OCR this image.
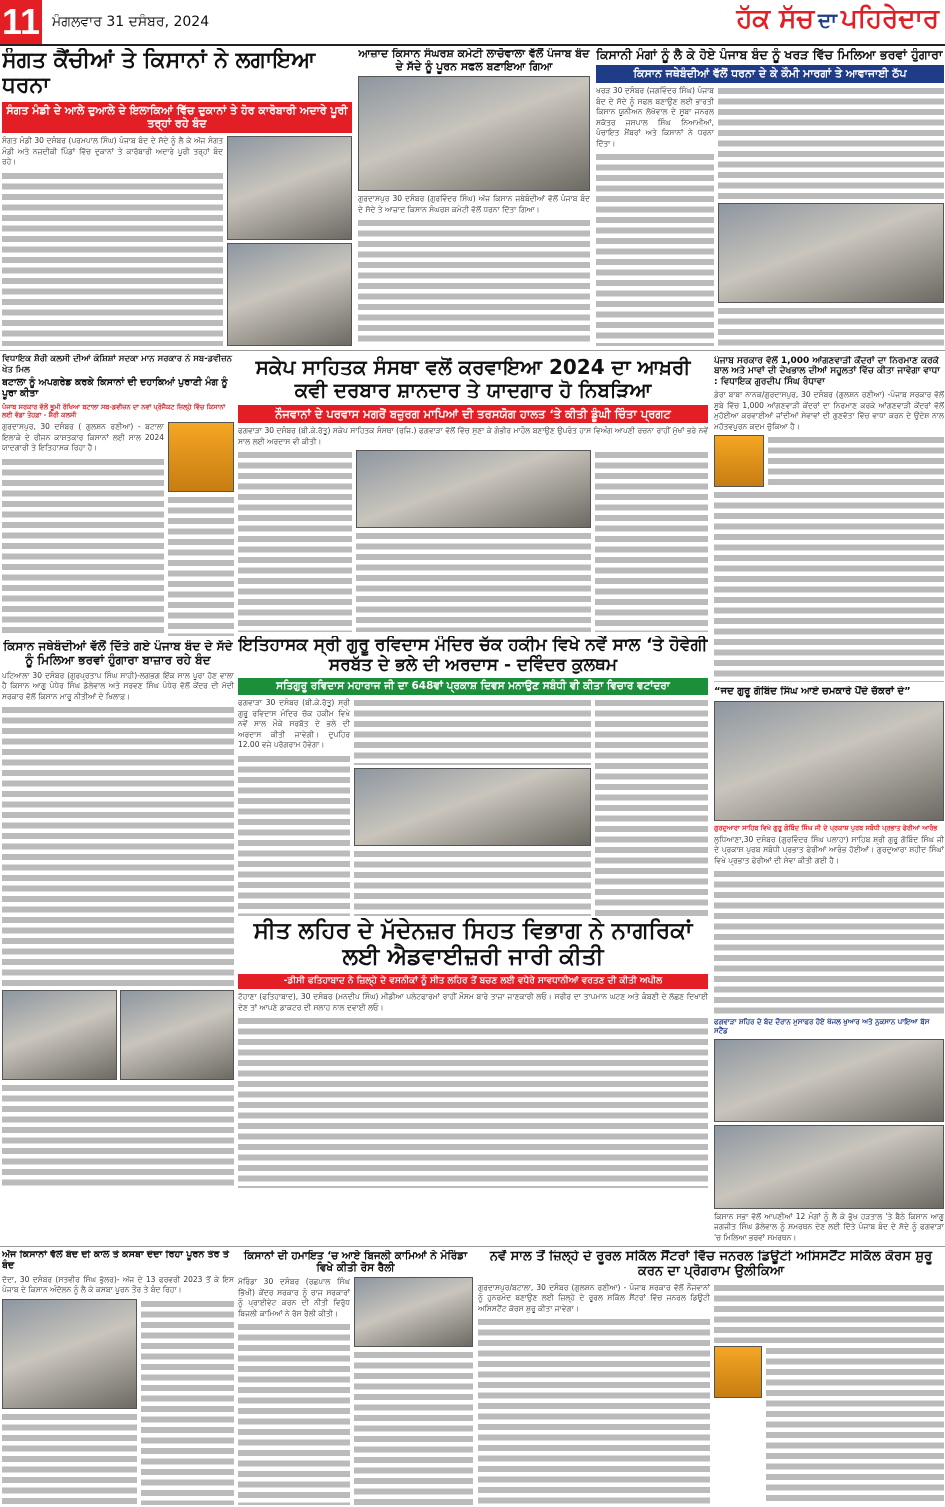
11 ਮੰਗਲਵਾਰ 31 ਦਸੰਬਰ, 2024	ਹੱਕ ਸੱਚ ਦਾ ਪਹਿਰੇਦਾਰ
ਸੰਗਤ ਕੈਂਚੀਆਂ ਤੇ ਕਿਸਾਨਾਂ ਨੇ ਲਗਾਇਆ ਧਰਨਾ
ਸੰਗਤ ਮੰਡੀ ਦੇ ਆਲੇ ਦੁਆਲੇ ਦੇ ਇਲਾਕਿਆਂ ਵਿੱਚ ਦੁਕਾਨਾਂ ਤੇ ਹੋਰ ਕਾਰੋਬਾਰੀ ਅਦਾਰੇ ਪੂਰੀ ਤਰ੍ਹਾਂ ਰਹੇ ਬੰਦ
ਸੰਗਤ ਮੰਡੀ 30 ਦਸੰਬਰ (ਪਰਮਪਾਲ ਸਿੰਘ) ਪੰਜਾਬ ਬੰਦ ਦੇ ਸੱਦੇ ਨੂੰ ਲੈ ਕੇ ਅੱਜ ਸੰਗਤ ਮੰਡੀ ਅਤੇ ਨਜ਼ਦੀਕੀ ਪਿੰਡਾਂ ਵਿੱਚ ਦੁਕਾਨਾਂ ਤੇ ਕਾਰੋਬਾਰੀ ਅਦਾਰੇ ਪੂਰੀ ਤਰ੍ਹਾਂ ਬੰਦ ਰਹੇ।
ਆਜ਼ਾਦ ਕਿਸਾਨ ਸੰਘਰਸ਼ ਕਮੇਟੀ ਲਾਚੋਵਾਲਾ ਵੱਲੋਂ ਪੰਜਾਬ ਬੰਦ ਦੇ ਸੱਦੇ ਨੂੰ ਪੂਰਨ ਸਫਲ ਬਣਾਇਆ ਗਿਆ
ਗੁਰਦਾਸਪੁਰ 30 ਦਸੰਬਰ (ਗੁਰਵਿੰਦਰ ਸਿੰਘ) ਅੱਜ ਕਿਸਾਨ ਜਥੇਬੰਦੀਆਂ ਵੱਲੋਂ ਪੰਜਾਬ ਬੰਦ ਦੇ ਸੱਦੇ ਤੇ ਆਜ਼ਾਦ ਕਿਸਾਨ ਸੰਘਰਸ਼ ਕਮੇਟੀ ਵੱਲੋਂ ਧਰਨਾ ਦਿੱਤਾ ਗਿਆ।
ਕਿਸਾਨੀ ਮੰਗਾਂ ਨੂੰ ਲੈ ਕੇ ਹੋਏ ਪੰਜਾਬ ਬੰਦ ਨੂੰ ਖਰੜ ਵਿੱਚ ਮਿਲਿਆ ਭਰਵਾਂ ਹੁੰਗਾਰਾ
ਕਿਸਾਨ ਜਥੇਬੰਦੀਆਂ ਵੱਲੋਂ ਧਰਨਾ ਦੇ ਕੇ ਕੌਮੀ ਮਾਰਗਾਂ ਤੇ ਆਵਾਜਾਈ ਠੱਪ
ਖਰੜ 30 ਦਸੰਬਰ (ਜਗਵਿੰਦਰ ਸਿੰਘ) ਪੰਜਾਬ ਬੰਦ ਦੇ ਸੱਦੇ ਨੂੰ ਸਫਲ ਬਣਾਉਣ ਲਈ ਭਾਰਤੀ ਕਿਸਾਨ ਯੂਨੀਅਨ ਲੱਖੋਵਾਲ ਦੇ ਸੂਬਾ ਜਨਰਲ ਸਕੱਤਰ ਜਸਪਾਲ ਸਿੰਘ ਨਿਆਮੀਆਂ, ਪੰਚਾਇਤ ਮੈਂਬਰਾਂ ਅਤੇ ਕਿਸਾਨਾਂ ਨੇ ਧਰਨਾ ਦਿੱਤਾ।
ਵਿਧਾਇਕ ਸ਼ੈਰੀ ਕਲਸੀ ਦੀਆਂ ਕੋਸ਼ਿਸ਼ਾਂ ਸਦਕਾ ਮਾਨ ਸਰਕਾਰ ਨੇ ਸਬ-ਡਵੀਜ਼ਨ ਖੇਤ ਮਿਲ
ਬਟਾਲਾ ਨੂੰ ਅਪਗਰੇਡ ਕਰਕੇ ਕਿਸਾਨਾਂ ਦੀ ਦਹਾਕਿਆਂ ਪੁਰਾਣੀ ਮੰਗ ਨੂੰ ਪੂਰਾ ਕੀਤਾ
ਪੰਜਾਬ ਸਰਕਾਰ ਵੱਲੋਂ ਭੂਮੀ ਰੱਖਿਆ ਬਟਾਲਾ ਸਬ-ਡਵੀਜ਼ਨ ਦਾ ਨਵਾਂ ਪ੍ਰੋਜੈਕਟ ਜ਼ਿਲ੍ਹੇ ਵਿੱਚ ਕਿਸਾਨਾਂ ਲਈ ਵੱਡਾ ਤੋਹਫ਼ਾ - ਸ਼ੈਰੀ ਕਲਸੀ
ਗੁਰਦਾਸਪੁਰ, 30 ਦਸੰਬਰ ( ਗੁਲਸ਼ਨ ਰਣੀਆ) - ਬਟਾਲਾ ਇਲਾਕੇ ਦੇ ਰੀਜਨ ਕਾਸ਼ਤਕਾਰ ਕਿਸਾਨਾਂ ਲਈ ਸਾਲ 2024 ਯਾਦਗਾਰੀ ਤੇ ਇਤਿਹਾਸਕ ਰਿਹਾ ਹੈ।
ਸਕੇਪ ਸਾਹਿਤਕ ਸੰਸਥਾ ਵਲੋਂ ਕਰਵਾਇਆ 2024 ਦਾ ਆਖ਼ਰੀ ਕਵੀ ਦਰਬਾਰ ਸ਼ਾਨਦਾਰ ਤੇ ਯਾਦਗਾਰ ਹੋ ਨਿਬੜਿਆ
ਨੌਜਵਾਨਾਂ ਦੇ ਪਰਵਾਸ ਮਗਰੋਂ ਬਜ਼ੁਰਗ ਮਾਪਿਆਂ ਦੀ ਤਰਸਯੋਗ ਹਾਲਤ ‘ਤੇ ਕੀਤੀ ਡੂੰਘੀ ਚਿੰਤਾ ਪ੍ਰਗਟ
ਫਗਵਾੜਾ 30 ਦਸੰਬਰ (ਬੀ.ਕੇ.ਰੱਤੂ) ਸਕੇਪ ਸਾਹਿਤਕ ਸੰਸਥਾ (ਰਜਿ.) ਫਗਵਾੜਾ ਵੱਲੋਂ ਵਿੱਚ ਸੁਣਾ ਕੇ ਗੰਭੀਰ ਮਾਹੌਲ ਬਣਾਉਣ ਉਪਰੰਤ ਹਾਸ ਵਿਅੰਗ ਆਪਣੀ ਰਚਨਾ ਰਾਹੀਂ ਮੁੱਖਾਂ ਭਰੇ ਨਵੇਂ ਸਾਲ ਲਈ ਅਰਦਾਸ ਵੀ ਕੀਤੀ।
ਪੰਜਾਬ ਸਰਕਾਰ ਵੱਲੋਂ 1,000 ਆਂਗਣਵਾੜੀ ਕੇਂਦਰਾਂ ਦਾ ਨਿਰਮਾਣ ਕਰਕੇ ਬਾਲ ਅਤੇ ਮਾਵਾਂ ਦੀ ਦੇਖਭਾਲ ਦੀਆਂ ਸਹੂਲਤਾਂ ਵਿੱਚ ਕੀਤਾ ਜਾਵੇਗਾ ਵਾਧਾ : ਵਿਧਾਇਕ ਗੁਰਦੀਪ ਸਿੰਘ ਰੰਧਾਵਾ
ਡੇਰਾ ਬਾਬਾ ਨਾਨਕ/ਗੁਰਦਾਸਪੁਰ, 30 ਦਸੰਬਰ (ਗੁਲਸ਼ਨ ਰਣੀਆ) -ਪੰਜਾਬ ਸਰਕਾਰ ਵੱਲੋਂ ਸੂਬੇ ਵਿੱਚ 1,000 ਆਂਗਣਵਾੜੀ ਕੇਂਦਰਾਂ ਦਾ ਨਿਰਮਾਣ ਕਰਕੇ ਆਂਗਣਵਾੜੀ ਕੇਂਦਰਾਂ ਵੱਲੋਂ ਮੁਹੱਈਆ ਕਰਵਾਈਆਂ ਜਾਂਦੀਆਂ ਸੇਵਾਵਾਂ ਦੀ ਗੁਣਵੱਤਾ ਵਿੱਚ ਵਾਧਾ ਕਰਨ ਦੇ ਉਦੇਸ਼ ਨਾਲ ਮਹੱਤਵਪੂਰਨ ਕਦਮ ਚੁੱਕਿਆ ਹੈ।
ਕਿਸਾਨ ਜਥੇਬੰਦੀਆਂ ਵੱਲੋਂ ਦਿੱਤੇ ਗਏ ਪੰਜਾਬ ਬੰਦ ਦੇ ਸੱਦੇ ਨੂੰ ਮਿਲਿਆ ਭਰਵਾਂ ਹੁੰਗਾਰਾ ਬਾਜ਼ਾਰ ਰਹੇ ਬੰਦ
ਪਟਿਆਲਾ 30 ਦਸੰਬਰ (ਗੁਰਪ੍ਰਤਾਪ ਸਿੰਘ ਸਾਹੀ)-ਲਗਭਗ ਇੱਕ ਸਾਲ ਪੂਰਾ ਹੋਣ ਵਾਲਾ ਹੈ ਕਿਸਾਨ ਆਗੂ ਪੰਧੇਰ ਸਿੰਘ ਡੱਲੇਵਾਲ ਅਤੇ ਸਰਵਣ ਸਿੰਘ ਪੰਧੇਰ ਵੱਲੋਂ ਕੇਂਦਰ ਦੀ ਮੋਦੀ ਸਰਕਾਰ ਵੱਲੋਂ ਕਿਸਾਨ ਮਾਰੂ ਨੀਤੀਆਂ ਦੇ ਖਿਲਾਫ਼।
ਇਤਿਹਾਸਕ ਸ੍ਰੀ ਗੁਰੂ ਰਵਿਦਾਸ ਮੰਦਿਰ ਚੱਕ ਹਕੀਮ ਵਿਖੇ ਨਵੇਂ ਸਾਲ ‘ਤੇ ਹੋਵੇਗੀ ਸਰਬੱਤ ਦੇ ਭਲੇ ਦੀ ਅਰਦਾਸ - ਦਵਿੰਦਰ ਕੁਲਥਮ
ਸਤਿਗੁਰੂ ਰਵਿਦਾਸ ਮਹਾਰਾਜ ਜੀ ਦਾ 648ਵਾਂ ਪ੍ਰਕਾਸ਼ ਦਿਵਸ ਮਨਾਉਣ ਸਬੰਧੀ ਵੀ ਕੀਤਾ ਵਿਚਾਰ ਵਟਾਂਦਰਾ
ਫਗਵਾੜਾ 30 ਦਸੰਬਰ (ਬੀ.ਕੇ.ਰੱਤੂ) ਸ੍ਰੀ ਗੁਰੂ ਰਵਿਦਾਸ ਮੰਦਿਰ ਚੱਕ ਹਕੀਮ ਵਿਖੇ ਨਵੇਂ ਸਾਲ ਮੌਕੇ ਸਰਬੱਤ ਦੇ ਭਲੇ ਦੀ ਅਰਦਾਸ ਕੀਤੀ ਜਾਵੇਗੀ। ਦੁਪਹਿਰ 12.00 ਵਜੇ ਪਰੋਗਰਾਮ ਹੋਵੇਗਾ।
“ਜਦ ਗੁਰੂ ਗੋਬਿੰਦ ਸਿੰਘ ਆਏ ਚਮਕਾਰੇ ਪੈਂਦੇ ਚੱਕਰਾਂ ਦੇ”
ਗੁਰਦੁਆਰਾ ਸਾਹਿਬ ਵਿਖੇ ਗੁਰੂ ਗੋਬਿੰਦ ਸਿੰਘ ਜੀ ਦੇ ਪ੍ਰਕਾਸ਼ ਪੁਰਬ ਸਬੰਧੀ ਪ੍ਰਭਾਤ ਫੇਰੀਆਂ ਆਰੰਭ
ਲੁਧਿਆਣਾ,30 ਦਸੰਬਰ (ਗੁਰਵਿੰਦਰ ਸਿੰਘ ਪਲਾਹਾ) ਸਾਹਿਬ ਸ਼੍ਰੀ ਗੁਰੂ ਗੋਬਿੰਦ ਸਿੰਘ ਜੀ ਦੇ ਪ੍ਰਕਾਸ਼ ਪੁਰਬ ਸਬੰਧੀ ਪ੍ਰਭਾਤ ਫੇਰੀਆਂ ਆਰੰਭ ਹੋਈਆਂ। ਗੁਰਦੁਆਰਾ ਸ਼ਹੀਦ ਸਿੰਘਾਂ ਵਿਖੇ ਪ੍ਰਭਾਤ ਫੇਰੀਆਂ ਦੀ ਸੇਵਾ ਕੀਤੀ ਗਈ ਹੈ।
ਸੀਤ ਲਹਿਰ ਦੇ ਮੱਦੇਨਜ਼ਰ ਸਿਹਤ ਵਿਭਾਗ ਨੇ ਨਾਗਰਿਕਾਂ ਲਈ ਐਡਵਾਈਜ਼ਰੀ ਜਾਰੀ ਕੀਤੀ
-ਡੀਸੀ ਫਤਿਹਾਬਾਦ ਨੇ ਜ਼ਿਲ੍ਹੇ ਦੇ ਵਸਨੀਕਾਂ ਨੂੰ ਸੀਤ ਲਹਿਰ ਤੋਂ ਬਚਣ ਲਈ ਵਧੇਰੇ ਸਾਵਧਾਨੀਆਂ ਵਰਤਣ ਦੀ ਕੀਤੀ ਅਪੀਲ
ਟੋਹਾਣਾ (ਫਤਿਹਾਬਾਦ), 30 ਦਸੰਬਰ (ਮਨਦੀਪ ਸਿੰਘ) ਮੀਡੀਆ ਪਲੇਟਫਾਰਮਾਂ ਰਾਹੀਂ ਮੌਸਮ ਬਾਰੇ ਤਾਜ਼ਾ ਜਾਣਕਾਰੀ ਲਓ। ਸਰੀਰ ਦਾ ਤਾਪਮਾਨ ਘਟਣ ਅਤੇ ਕੰਬਣੀ ਦੇ ਲੱਛਣ ਦਿਖਾਈ ਦੇਣ ਤਾਂ ਆਪਣੇ ਡਾਕਟਰ ਦੀ ਸਲਾਹ ਨਾਲ ਦਵਾਈ ਲਓ।
ਫਗਵਾੜਾ ਸ਼ਹਿਰ ਦੇ ਬੰਦ ਦੌਰਾਨ ਮੁਸਾਫਰ ਹੋਏ ਖੱਜਲ ਖੁਆਰ ਅਤੇ ਨੁਕਸਾਨ ਪਾਇਆ ਬੱਸ ਸਟੈਂਡ
ਕਿਸਾਨ ਸਭਾ ਵੱਲੋਂ ਆਪਣੀਆਂ 12 ਮੰਗਾਂ ਨੂੰ ਲੈ ਕੇ ਭੁੱਖ ਹੜਤਾਲ 'ਤੇ ਬੈਠੇ ਕਿਸਾਨ ਆਗੂ ਜਗਜੀਤ ਸਿੰਘ ਡੱਲੇਵਾਲ ਨੂੰ ਸਮਰਥਨ ਦੇਣ ਲਈ ਦਿੱਤੇ ਪੰਜਾਬ ਬੰਦ ਦੇ ਸੱਦੇ ਨੂੰ ਫਗਵਾੜਾ 'ਚ ਮਿਲਿਆ ਭਰਵਾਂ ਸਮਰਥਨ।
ਅੱਜ ਕਿਸਾਨਾਂ ਵੱਲੋਂ ਬੰਦ ਦੀ ਕਾਲ ਤੇ ਕਸਬਾ ਦੋਦਾ ਰਿਹਾ ਪੂਰਨ ਤੌਰ ਤੇ ਬੰਦ
ਦੋਦਾ, 30 ਦਸੰਬਰ (ਸਤਵੀਰ ਸਿੰਘ ਭੁੱਲਰ)- ਅੱਜ ਦੇ 13 ਫਰਵਰੀ 2023 ਤੋਂ ਕੇ ਇਸ ਪੰਜਾਬ ਦੇ ਕਿਸਾਨ ਅੰਦੋਲਨ ਨੂੰ ਲੈ ਕੇ ਕਸਬਾ ਪੂਰਨ ਤੌਰ ਤੇ ਬੰਦ ਰਿਹਾ।
ਕਿਸਾਨਾਂ ਦੀ ਹਮਾਇਤ ‘ਚ ਆਏ ਬਿਜਲੀ ਕਾਮਿਆਂ ਨੇ ਮੋਰਿੰਡਾ ਵਿਖੇ ਕੀਤੀ ਰੋਸ ਰੈਲੀ
ਮੋਰਿੰਡਾ 30 ਦਸੰਬਰ (ਰਛਪਾਲ ਸਿੰਘ ਭਿੱਖੀ) ਕੇਂਦਰ ਸਰਕਾਰ ਨੂੰ ਰਾਜ ਸਰਕਾਰਾਂ ਨੂੰ ਪ੍ਰਾਈਵੇਟ ਕਰਨ ਦੀ ਨੀਤੀ ਵਿਰੁੱਧ ਬਿਜਲੀ ਕਾਮਿਆਂ ਨੇ ਰੋਸ ਰੈਲੀ ਕੀਤੀ।
ਨਵੇਂ ਸਾਲ ਤੋਂ ਜ਼ਿਲ੍ਹੇ ਦੇ ਰੂਰਲ ਸਕਿੱਲ ਸੈਂਟਰਾਂ ਵਿੱਚ ਜਨਰਲ ਡਿਊਟੀ ਅਸਿਸਟੈਂਟ ਸਕਿੱਲ ਕੋਰਸ ਸ਼ੁਰੂ ਕਰਨ ਦਾ ਪ੍ਰੋਗਰਾਮ ਉਲੀਕਿਆ
ਗੁਰਦਾਸਪੁਰ/ਬਟਾਲਾ, 30 ਦਸੰਬਰ (ਗੁਲਸ਼ਨ ਰਣੀਆ) - ਪੰਜਾਬ ਸਰਕਾਰ ਵੱਲੋਂ ਨੌਜਵਾਨਾਂ ਨੂੰ ਹੁਨਰਮੰਦ ਬਣਾਉਣ ਲਈ ਜ਼ਿਲ੍ਹੇ ਦੇ ਰੂਰਲ ਸਕਿੱਲ ਸੈਂਟਰਾਂ ਵਿੱਚ ਜਨਰਲ ਡਿਊਟੀ ਅਸਿਸਟੈਂਟ ਕੋਰਸ ਸ਼ੁਰੂ ਕੀਤਾ ਜਾਵੇਗਾ।
